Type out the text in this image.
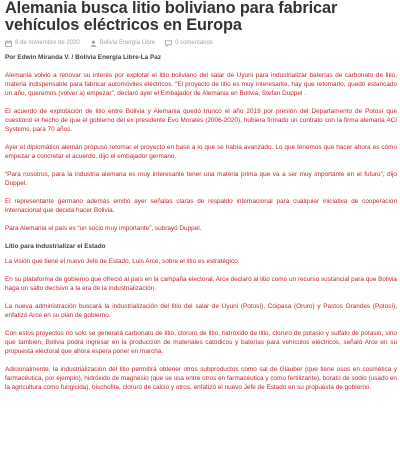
Alemania busca litio boliviano para fabricar vehículos eléctricos en Europa
8 de noviembre de 2020	Bolivia Energía Libre	0 comentarios

Por Edwin Miranda V. / Bolivia Energía Libre-La Paz

Alemania volvió a renovar su interés por explotar el litio boliviano del salar de Uyuni para industrializar baterías de carbonato de litio, materia indispensable para fabricar automóviles eléctricos. “El proyecto de litio es muy interesante, hay que retomarlo, quedó estancado un año, queremos (volver a) empezar”, declaró ayer el Embajador de Alemania en Bolivia, Stefan Duppel .

El acuerdo de explotación de litio entre Bolivia y Alemania quedó trunco el año 2019 por presión del Departamento de Potosí que cuestionó el hecho de que el gobierno del ex presidente Evo Morales (2006-2020), hubiera firmado un contrato con la firma alemana ACI Systems, para 70 años.

Ayer el diplomático alemán propuso retomar el proyecto en base a lo que se había avanzado. Lo que tenemos que hacer ahora es cómo empezar a concretar el acuerdo, dijo el embajador germano.

“Para nosotros, para la industria alemana es muy interesante tener una materia prima que va a ser muy importante en el futuro”, dijo Duppel.

El representante germano además emitió ayer señalas claras de respaldo internacional para cualquier iniciativa de cooperación internacional que decida hacer Bolivia.

Para Alemania el país es “un socio muy importante”, subrayó Duppel.

Litio para industrializar el Estado

La visión que tiene el nuevo Jefe de Estado, Luis Arce, sobre el litio es estratégico.

En su plataforma de gobierno que ofreció al país en la campaña electoral, Arce declaró al litio como un recurso sustancial para que Bolivia haga un salto decisivo a la era de la industrialización.

La nueva administración buscará la industrialización del litio del salar de Uyuni (Potosí), Coipasa (Oruro) y Pastos Grandes (Potosí), enfatizó Arce en su plan de gobierno.

Con estos proyectos no solo se generará carbonato de litio, cloruro de litio, hidróxido de litio, cloruro de potasio y sulfato de potasio, sino que también, Bolivia podrá ingresar en la producción de materiales catódicos y baterías para vehículos eléctricos, señaló Arce en su propuesta electoral que ahora espera poner en marcha.

Adicionalmente, la industrialización del litio permitirá obtener otros subproductos como sal de Glauber (que tiene usos en cosmética y farmacéutica, por ejemplo), hidróxido de magnesio (que se usa entre otros en farmacéutica y como fertilizante), borato de sodio (usado en la agricultura como fungicida), bischofita, cloruro de calcio y otros, enfatizó el nuevo Jefe de Estado en su propuesta de gobierno.
